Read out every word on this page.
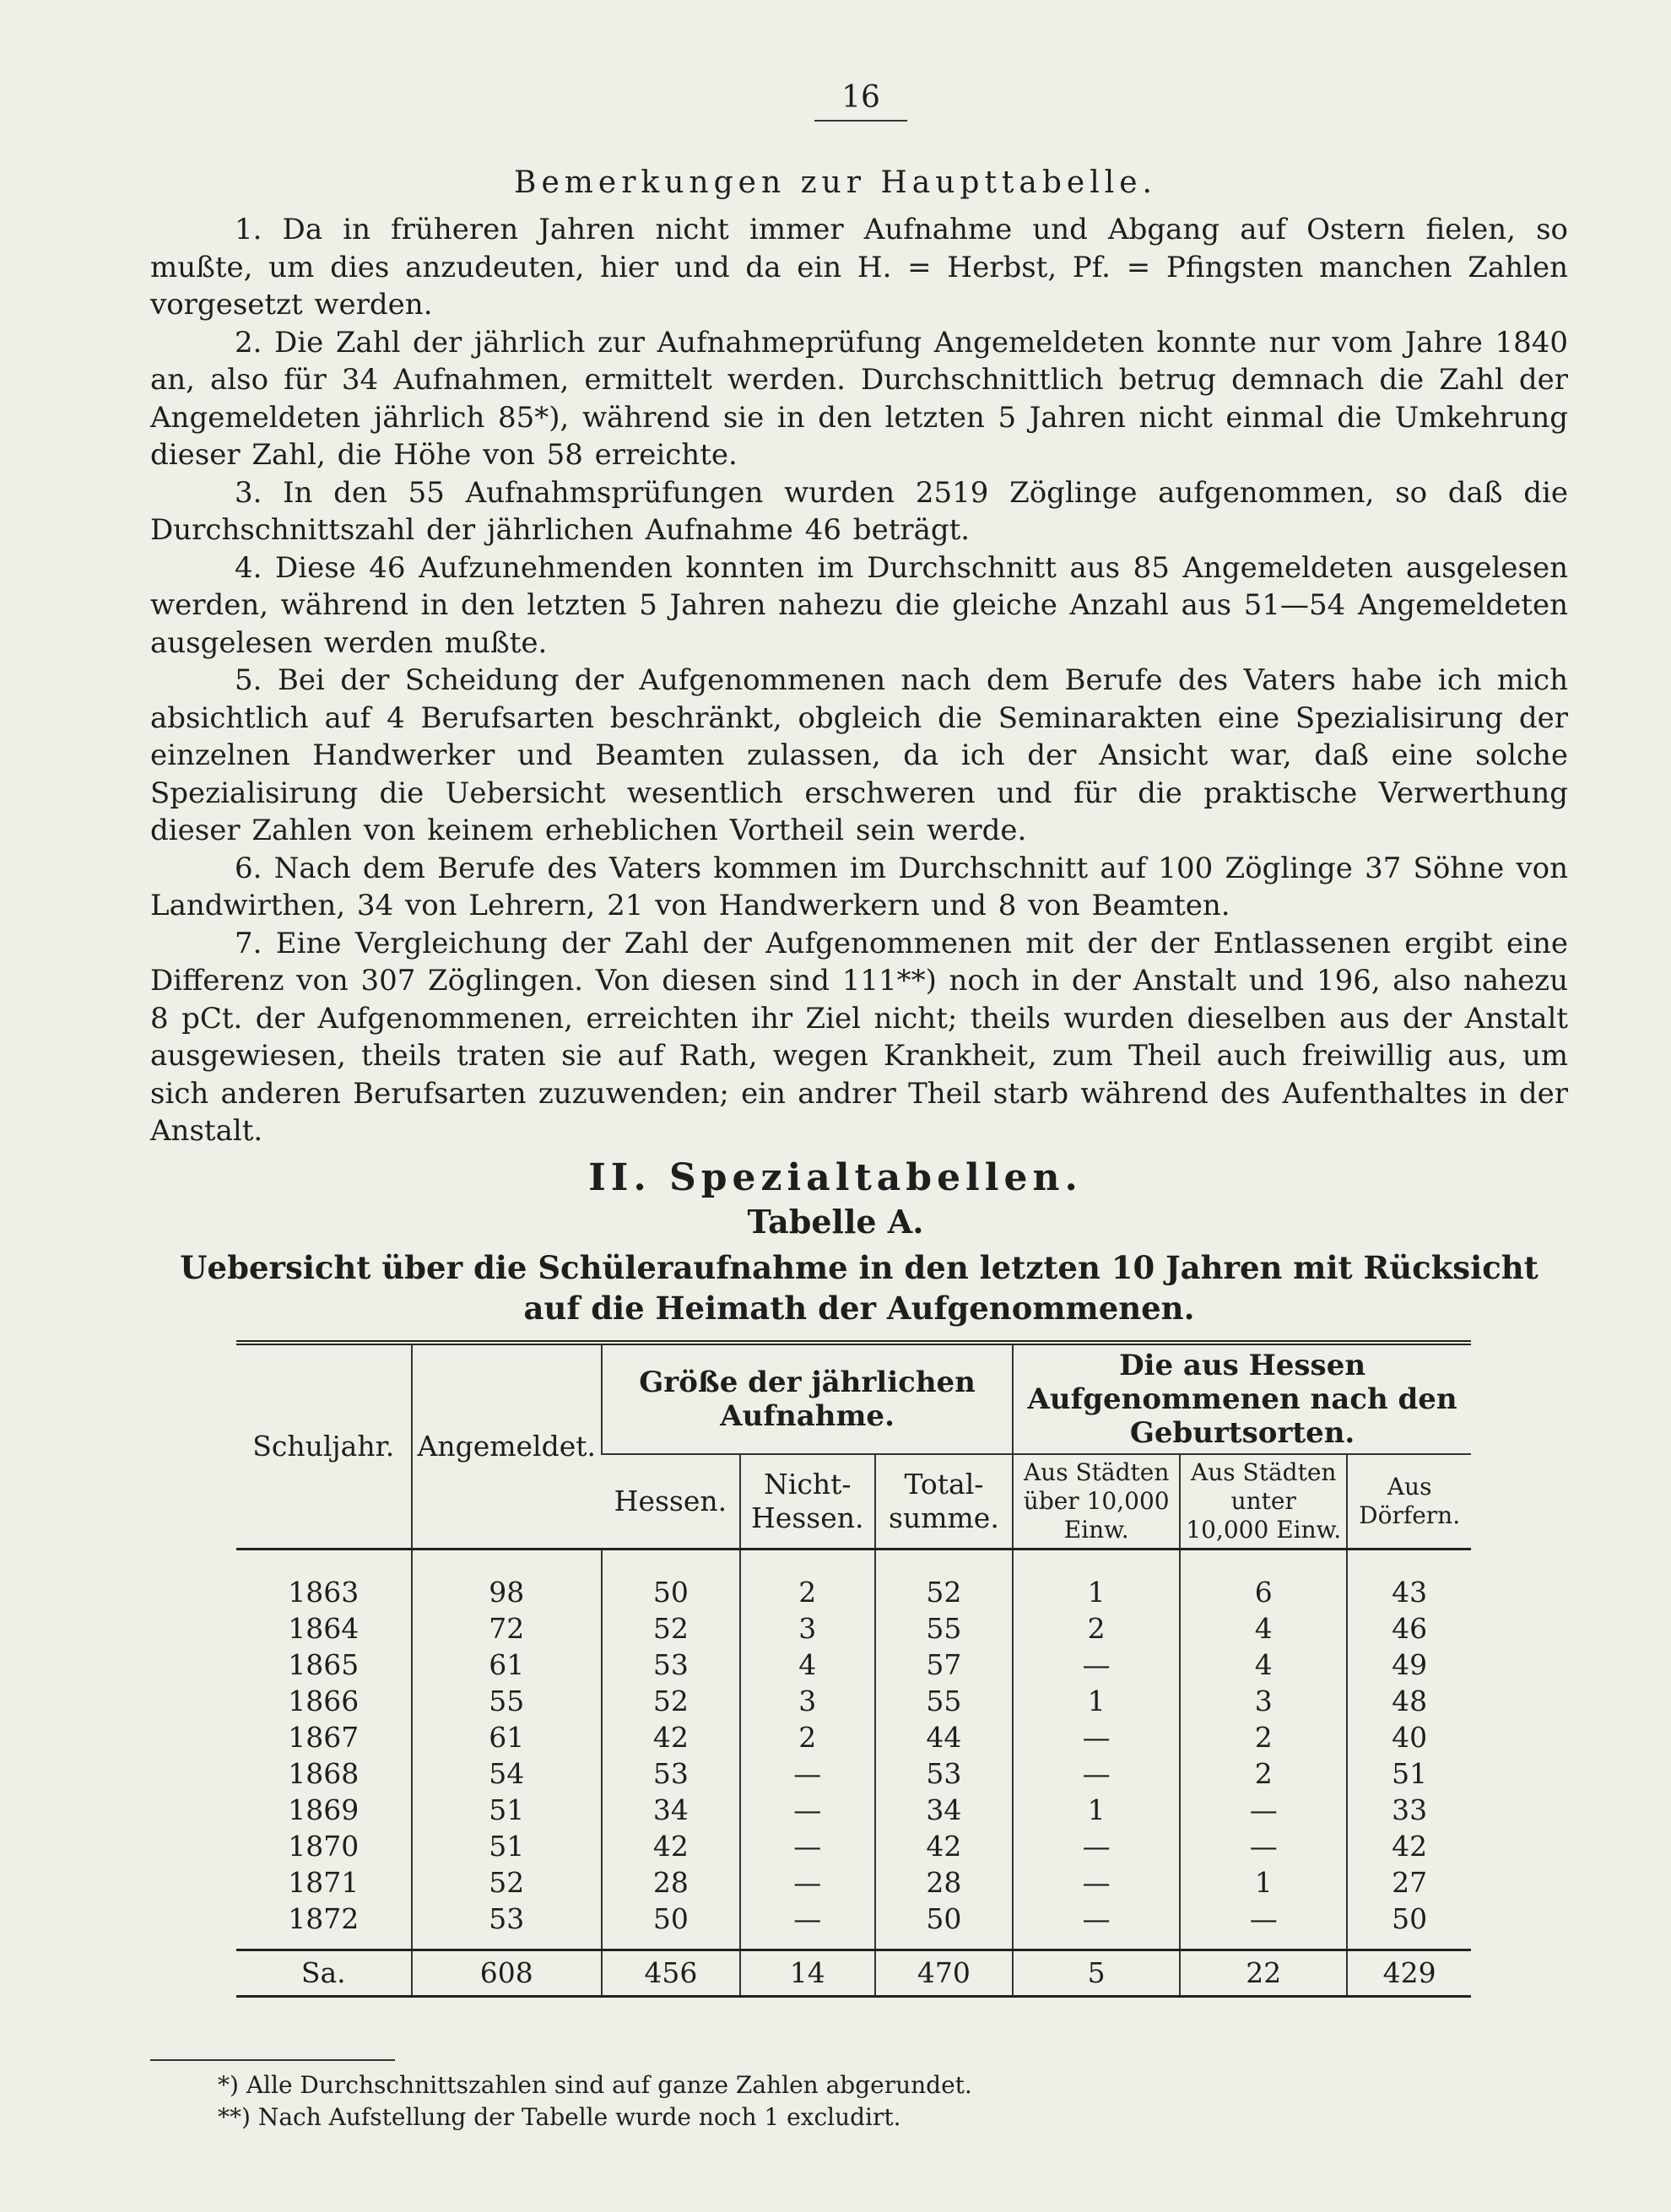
16
Bemerkungen zur Haupttabelle.

1. Da in früheren Jahren nicht immer Aufnahme und Abgang auf Ostern fielen, so mußte, um dies anzudeuten, hier und da ein H. = Herbst, Pf. = Pfingsten manchen Zahlen vorgesetzt werden.

2. Die Zahl der jährlich zur Aufnahmeprüfung Angemeldeten konnte nur vom Jahre 1840 an, also für 34 Aufnahmen, ermittelt werden. Durchschnittlich betrug demnach die Zahl der Angemeldeten jährlich 85*), während sie in den letzten 5 Jahren nicht einmal die Umkehrung dieser Zahl, die Höhe von 58 erreichte.

3. In den 55 Aufnahmsprüfungen wurden 2519 Zöglinge aufgenommen, so daß die Durchschnittszahl der jährlichen Aufnahme 46 beträgt.

4. Diese 46 Aufzunehmenden konnten im Durchschnitt aus 85 Angemeldeten ausgelesen werden, während in den letzten 5 Jahren nahezu die gleiche Anzahl aus 51—54 Angemeldeten ausgelesen werden mußte.

5. Bei der Scheidung der Aufgenommenen nach dem Berufe des Vaters habe ich mich absichtlich auf 4 Berufsarten beschränkt, obgleich die Seminarakten eine Spezialisirung der einzelnen Handwerker und Beamten zulassen, da ich der Ansicht war, daß eine solche Spezialisirung die Uebersicht wesentlich erschweren und für die praktische Verwerthung dieser Zahlen von keinem erheblichen Vortheil sein werde.

6. Nach dem Berufe des Vaters kommen im Durchschnitt auf 100 Zöglinge 37 Söhne von Landwirthen, 34 von Lehrern, 21 von Handwerkern und 8 von Beamten.

7. Eine Vergleichung der Zahl der Aufgenommenen mit der der Entlassenen ergibt eine Differenz von 307 Zöglingen. Von diesen sind 111**) noch in der Anstalt und 196, also nahezu 8 pCt. der Aufgenommenen, erreichten ihr Ziel nicht; theils wurden dieselben aus der Anstalt ausgewiesen, theils traten sie auf Rath, wegen Krankheit, zum Theil auch freiwillig aus, um sich anderen Berufsarten zuzuwenden; ein andrer Theil starb während des Aufenthaltes in der Anstalt.

II. Spezialtabellen.
Tabelle A.
Uebersicht über die Schüleraufnahme in den letzten 10 Jahren mit Rücksicht auf die Heimath der Aufgenommenen.
Schuljahr.	Angemeldet.	Größe der jährlichen Aufnahme.			Die aus Hessen Aufgenommenen nach den Geburtsorten.		
		Hessen.	Nicht-Hessen.	Total-summe.	Aus Städten über 10,000 Einw.	Aus Städten unter 10,000 Einw.	Aus Dörfern.
1863	98	50	2	52	1	6	43
1864	72	52	3	55	2	4	46
1865	61	53	4	57	—	4	49
1866	55	52	3	55	1	3	48
1867	61	42	2	44	—	2	40
1868	54	53	—	53	—	2	51
1869	51	34	—	34	1	—	33
1870	51	42	—	42	—	—	42
1871	52	28	—	28	—	1	27
1872	53	50	—	50	—	—	50
Sa.	608	456	14	470	5	22	429
*) Alle Durchschnittszahlen sind auf ganze Zahlen abgerundet.
**) Nach Aufstellung der Tabelle wurde noch 1 excludirt.
